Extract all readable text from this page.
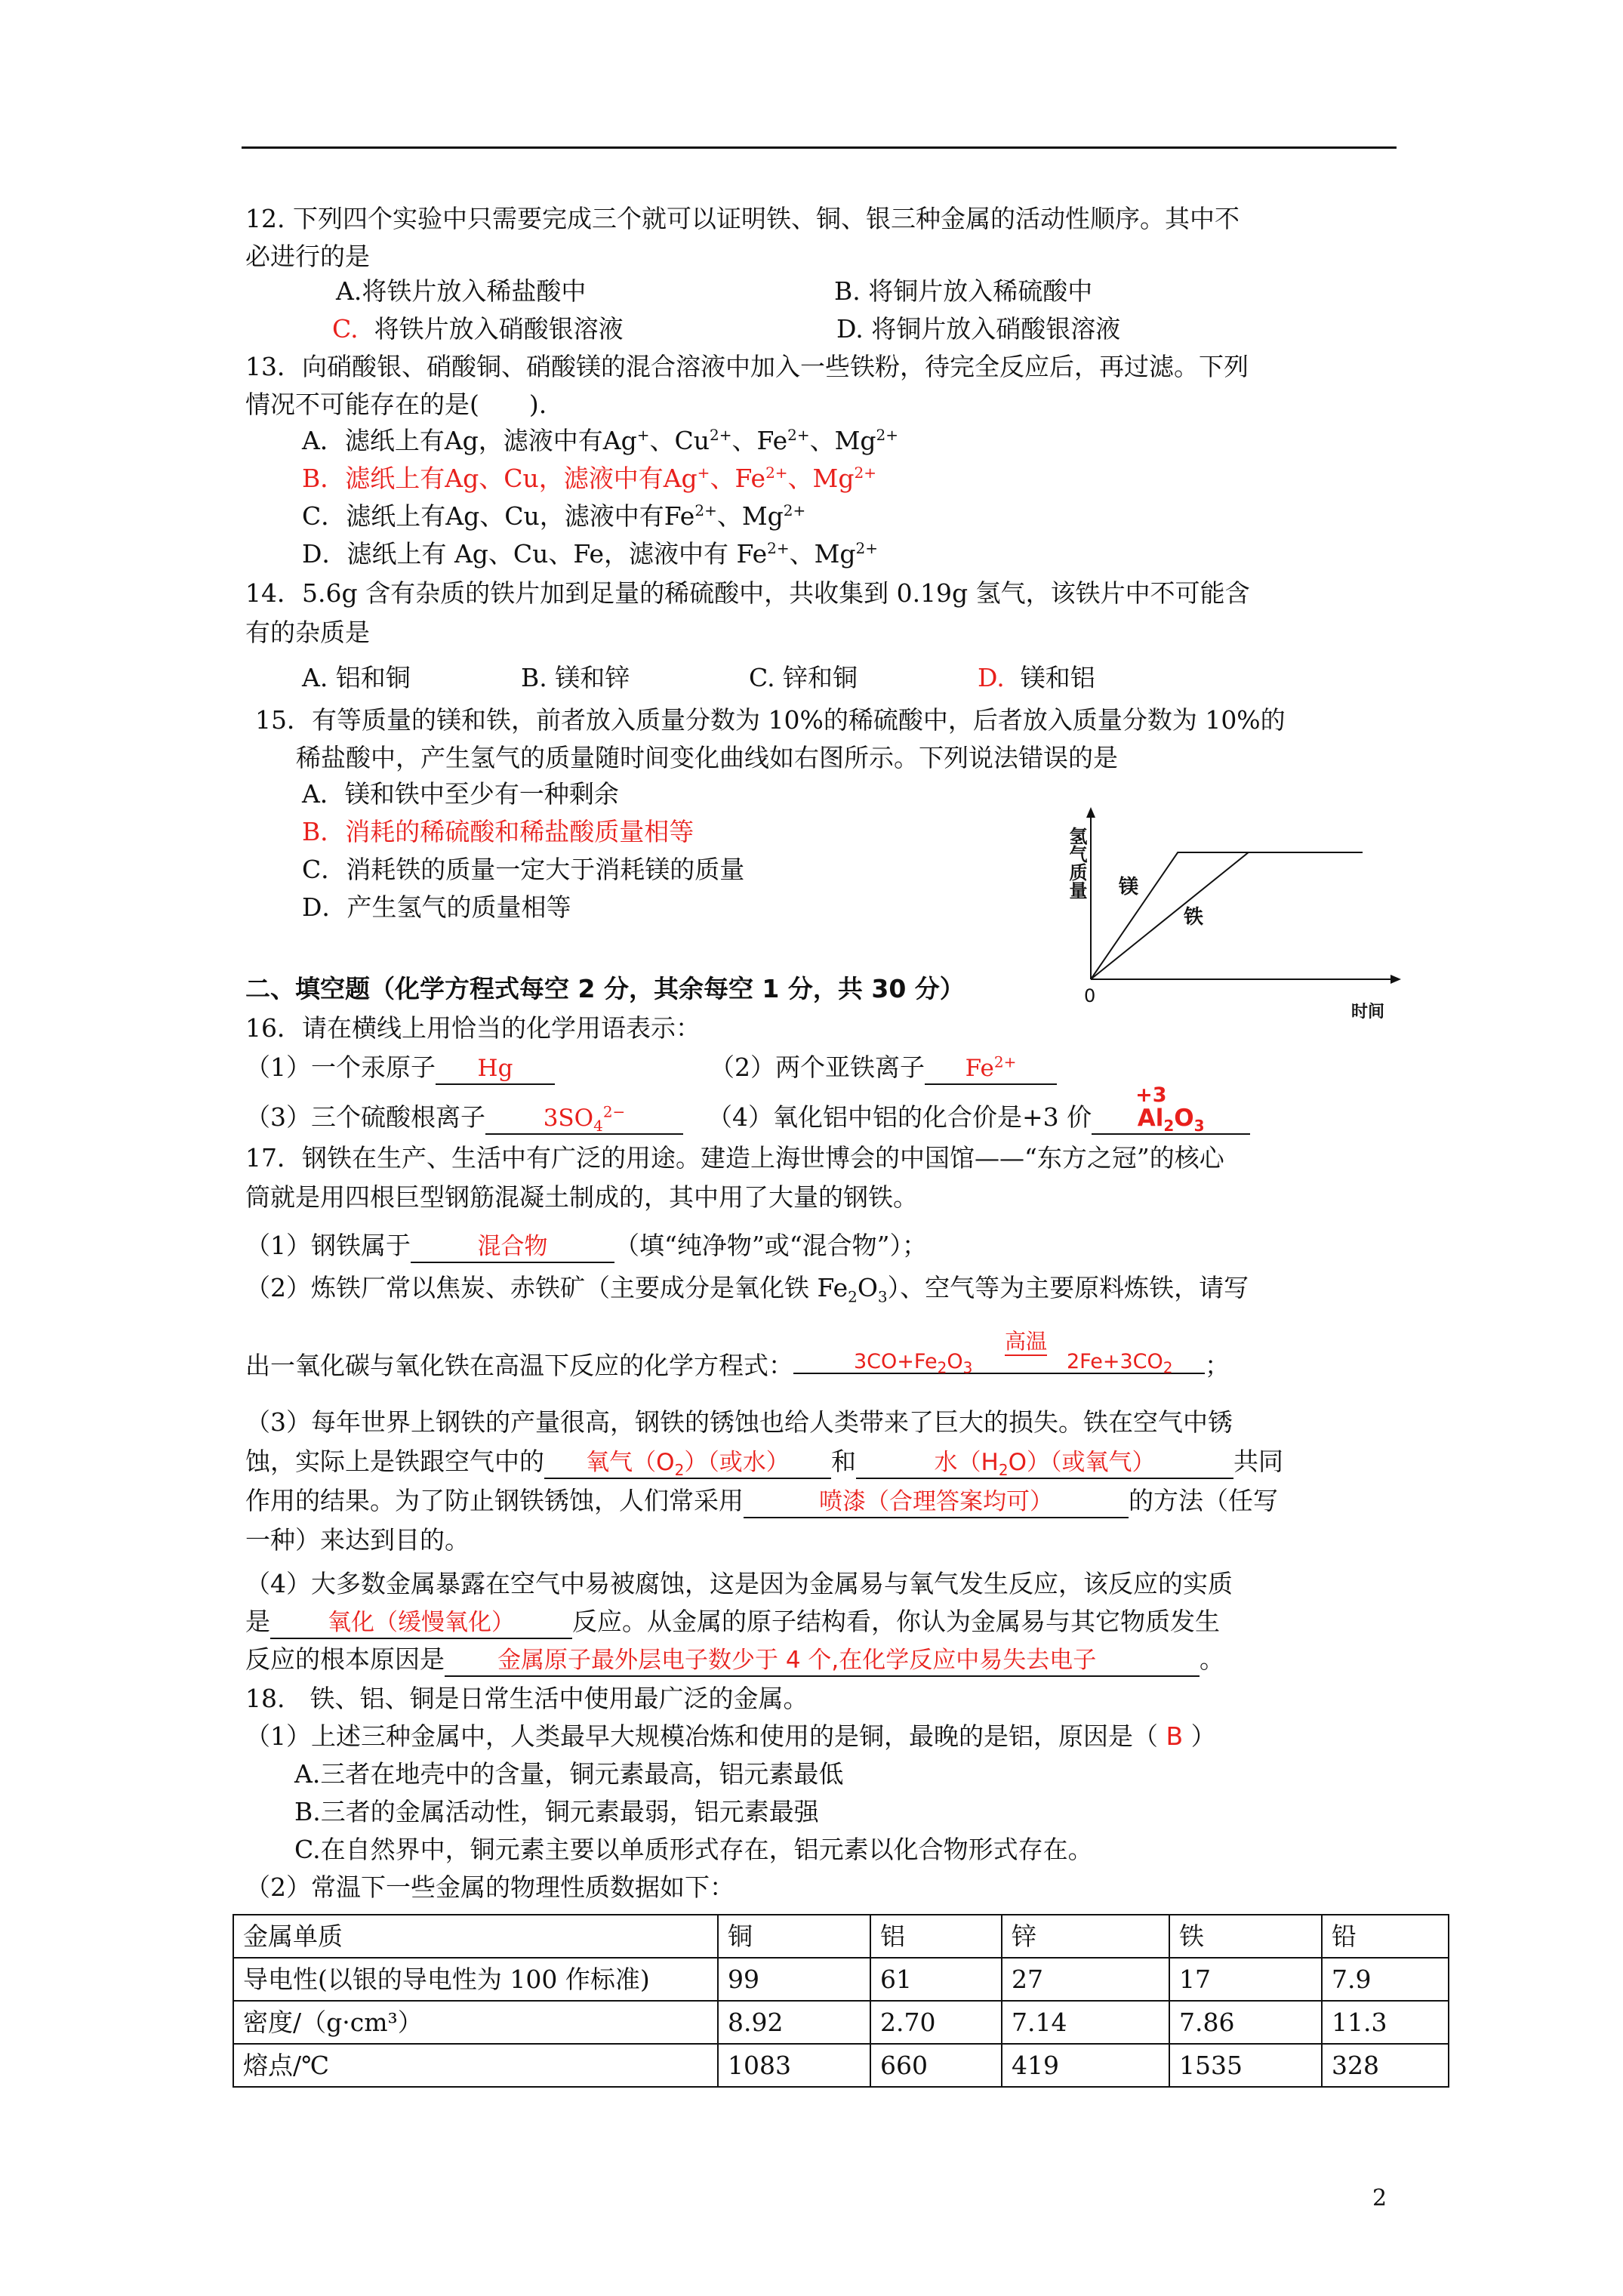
12. 下列四个实验中只需要完成三个就可以证明铁、铜、银三种金属的活动性顺序。其中不
必进行的是
A.将铁片放入稀盐酸中	B. 将铜片放入稀硫酸中
C. 将铁片放入硝酸银溶液	D. 将铜片放入硝酸银溶液
13．向硝酸银、硝酸铜、硝酸镁的混合溶液中加入一些铁粉，待完全反应后，再过滤。下列
情况不可能存在的是(　　).
A．滤纸上有Ag，滤液中有Ag+、$Cu^{2+}$、$Fe^{2+}$、$Mg^{2+}$
B．滤纸上有Ag、Cu，滤液中有Ag+、$Fe^{2+}$、$Mg^{2+}$
C．滤纸上有Ag、Cu，滤液中有$Fe^{2+}$、$Mg^{2+}$
D．滤纸上有 Ag、Cu、Fe，滤液中有 $Fe^{2+}$、$Mg^{2+}$
14．5.6g 含有杂质的铁片加到足量的稀硫酸中，共收集到 0.19g 氢气，该铁片中不可能含
有的杂质是
A. 铝和铜	B. 镁和锌	C. 锌和铜	D. 镁和铝
15．有等质量的镁和铁，前者放入质量分数为 10%的稀硫酸中，后者放入质量分数为 10%的
稀盐酸中，产生氢气的质量随时间变化曲线如右图所示。下列说法错误的是
A．镁和铁中至少有一种剩余
B．消耗的稀硫酸和稀盐酸质量相等
C．消耗铁的质量一定大于消耗镁的质量
D．产生氢气的质量相等
氢气质量
时间
0
镁
铁
二、填空题（化学方程式每空 2 分，其余每空 1 分，共 30 分）
16．请在横线上用恰当的化学用语表示：
（1）一个汞原子 Hg	（2）两个亚铁离子 $Fe^{2+}$
（3）三个硫酸根离子 $3SO_4^{2-}$	（4）氧化铝中铝的化合价是+3 价
+3
$Al_2O_3$
17．钢铁在生产、生活中有广泛的用途。建造上海世博会的中国馆——“东方之冠”的核心
筒就是用四根巨型钢筋混凝土制成的，其中用了大量的钢铁。
（1）钢铁属于	混合物	（填“纯净物”或“混合物”）；
（2）炼铁厂常以焦炭、赤铁矿（主要成分是氧化铁 $Fe_2O_3$）、空气等为主要原料炼铁，请写
出一氧化碳与氧化铁在高温下反应的化学方程式：	$3CO+Fe_2O_3$
高温
$2Fe+3CO_2$ ；
（3）每年世界上钢铁的产量很高，钢铁的锈蚀也给人类带来了巨大的损失。铁在空气中锈
蚀，实际上是铁跟空气中的 氧气$(O_2)$（或水） 和	水$(H_2O)$（或氧气）	共同
作用的结果。为了防止钢铁锈蚀，人们常采用	喷漆（合理答案均可）	的方法（任写
一种）来达到目的。
（4）大多数金属暴露在空气中易被腐蚀，这是因为金属易与氧气发生反应，该反应的实质
是 氧化（缓慢氧化） 反应。从金属的原子结构看，你认为金属易与其它物质发生
反应的根本原因是 金属原子最外层电子数少于 4 个,在化学反应中易失去电子	。
18.　铁、铝、铜是日常生活中使用最广泛的金属。
（1）上述三种金属中，人类最早大规模冶炼和使用的是铜，最晚的是铝，原因是（ B ）
A.三者在地壳中的含量，铜元素最高，铝元素最低
B.三者的金属活动性，铜元素最弱，铝元素最强
C.在自然界中，铜元素主要以单质形式存在，铝元素以化合物形式存在。
（2）常温下一些金属的物理性质数据如下：
金属单质	铜	铝	锌	铁	铅
导电性(以银的导电性为 100 作标准)	99	61	27	17	7.9
密度/（g·cm³）	8.92	2.70	7.14	7.86	11.3
熔点/℃	1083	660	419	1535	328
2
